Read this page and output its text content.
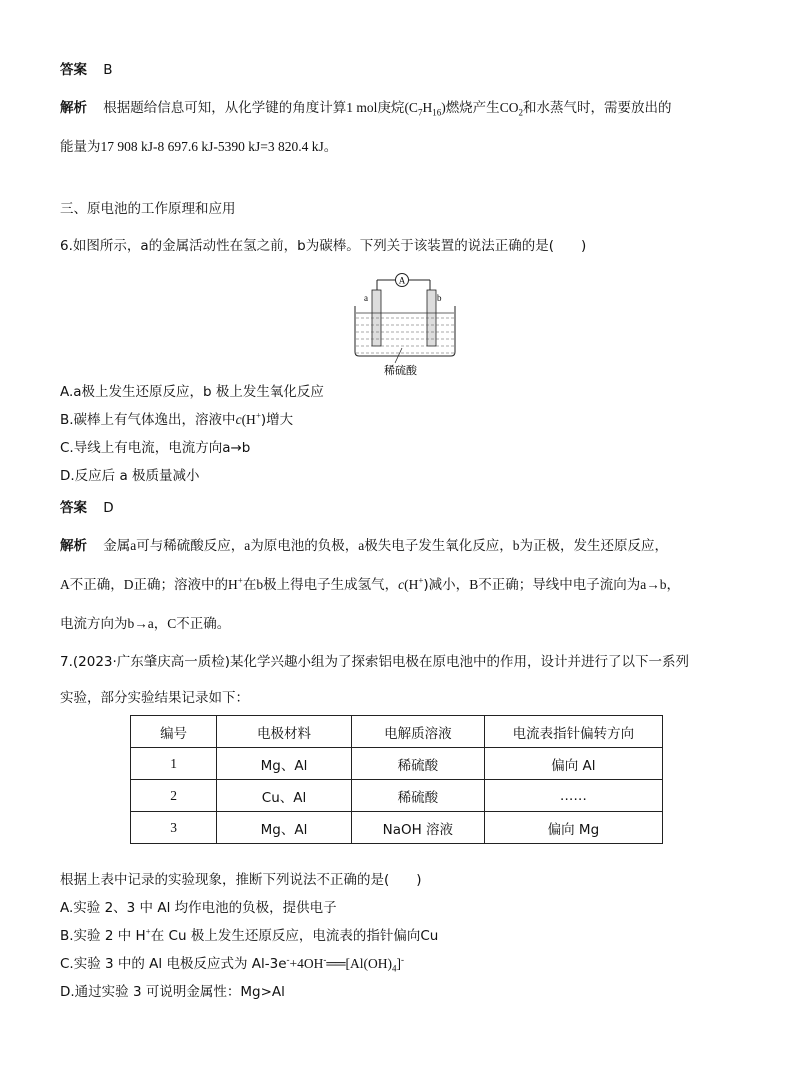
答案 B
解析 根据题给信息可知，从化学键的角度计算1 mol庚烷$(C_7H_{16})$燃烧产生$CO_2$和水蒸气时，需要放出的
能量为17 908 kJ-8 697.6 kJ-5390 kJ=3 820.4 kJ。
三、原电池的工作原理和应用
6.如图所示，a的金属活动性在氢之前，b为碳棒。下列关于该装置的说法正确的是(　　)
A
a	b
稀硫酸
A.a极上发生还原反应，b 极上发生氧化反应
B.碳棒上有气体逸出，溶液中c(H+)增大
C.导线上有电流，电流方向a→b
D.反应后 a 极质量减小
答案 D
解析 金属a可与稀硫酸反应，a为原电池的负极，a极失电子发生氧化反应，b为正极，发生还原反应，
A不正确，D正确；溶液中的H+在b极上得电子生成氢气，c(H+)减小，B不正确；导线中电子流向为a→b，
电流方向为b→a，C不正确。
7.(2023·广东肇庆高一质检)某化学兴趣小组为了探索铝电极在原电池中的作用，设计并进行了以下一系列
实验，部分实验结果记录如下：
编号	电极材料	电解质溶液	电流表指针偏转方向
1	Mg、Al	稀硫酸	偏向 Al
2	Cu、Al	稀硫酸	……
3	Mg、Al	NaOH 溶液	偏向 Mg
根据上表中记录的实验现象，推断下列说法不正确的是(　　)
A.实验 2、3 中 Al 均作电池的负极，提供电子
B.实验 2 中 H+在 Cu 极上发生还原反应，电流表的指针偏向Cu
C.实验 3 中的 Al 电极反应式为 $Al-3e^-+4OH^-══[Al(OH)_4]^-$
D.通过实验 3 可说明金属性：Mg>Al
